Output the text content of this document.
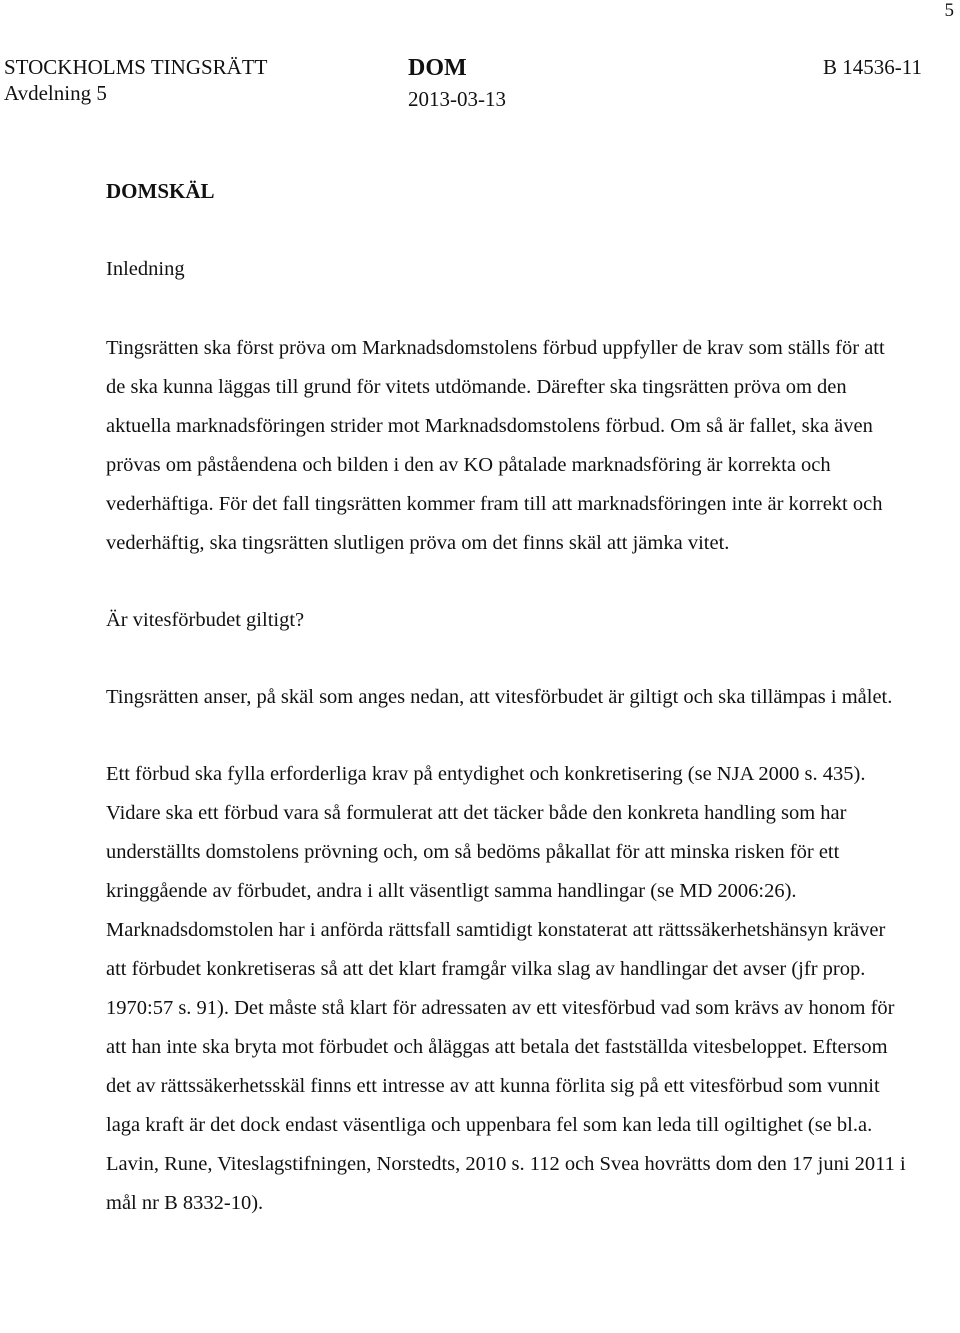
5
STOCKHOLMS TINGSRÄTT
Avdelning 5
DOM
2013-03-13
B 14536-11
DOMSKÄL
Inledning

Tingsrätten ska först pröva om Marknadsdomstolens förbud uppfyller de krav som ställs för att de ska kunna läggas till grund för vitets utdömande. Därefter ska tingsrätten pröva om den aktuella marknadsföringen strider mot Marknadsdomstolens förbud. Om så är fallet, ska även prövas om påståendena och bilden i den av KO påtalade marknadsföring är korrekta och vederhäftiga. För det fall tingsrätten kommer fram till att marknadsföringen inte är korrekt och vederhäftig, ska tingsrätten slutligen pröva om det finns skäl att jämka vitet.

Är vitesförbudet giltigt?

Tingsrätten anser, på skäl som anges nedan, att vitesförbudet är giltigt och ska tillämpas i målet.

Ett förbud ska fylla erforderliga krav på entydighet och konkretisering (se NJA 2000 s. 435). Vidare ska ett förbud vara så formulerat att det täcker både den konkreta handling som har underställts domstolens prövning och, om så bedöms påkallat för att minska risken för ett kringgående av förbudet, andra i allt väsentligt samma handlingar (se MD 2006:26). Marknadsdomstolen har i anförda rättsfall samtidigt konstaterat att rättssäkerhetshänsyn kräver att förbudet konkretiseras så att det klart framgår vilka slag av handlingar det avser (jfr prop. 1970:57 s. 91). Det måste stå klart för adressaten av ett vitesförbud vad som krävs av honom för att han inte ska bryta mot förbudet och åläggas att betala det fastställda vitesbeloppet. Eftersom det av rättssäkerhetsskäl finns ett intresse av att kunna förlita sig på ett vitesförbud som vunnit laga kraft är det dock endast väsentliga och uppenbara fel som kan leda till ogiltighet (se bl.a. Lavin, Rune, Viteslagstifningen, Norstedts, 2010 s. 112 och Svea hovrätts dom den 17 juni 2011 i mål nr B 8332-10).
